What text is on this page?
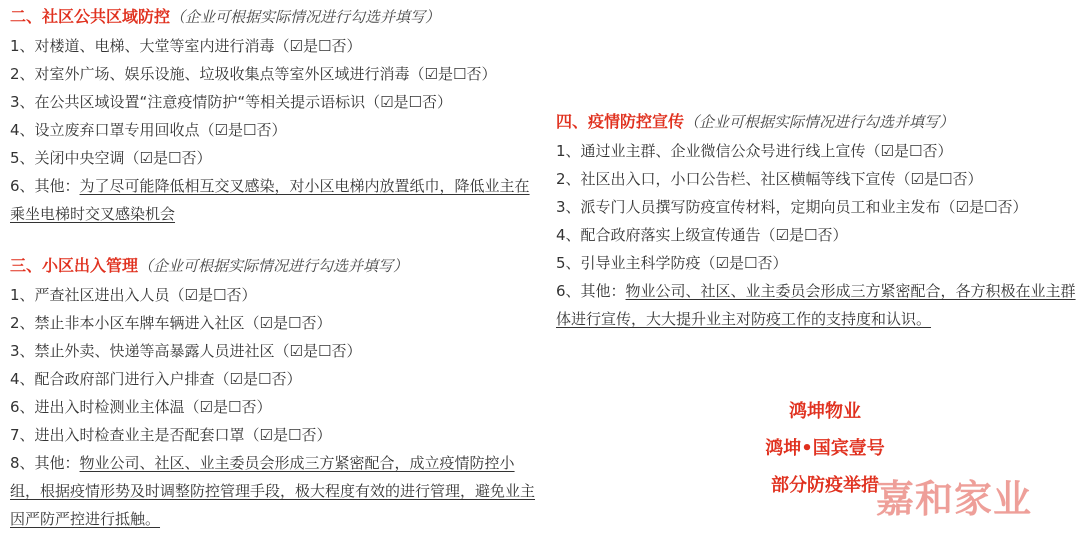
二、社区公共区域防控（企业可根据实际情况进行勾选并填写）
1、对楼道、电梯、大堂等室内进行消毒（☑是☐否）
2、对室外广场、娱乐设施、垃圾收集点等室外区域进行消毒（☑是☐否）
3、在公共区域设置“注意疫情防护“等相关提示语标识（☑是☐否）
4、设立废弃口罩专用回收点（☑是☐否）
5、关闭中央空调（☑是☐否）
6、其他：为了尽可能降低相互交叉感染，对小区电梯内放置纸巾，降低业主在乘坐电梯时交叉感染机会
三、小区出入管理（企业可根据实际情况进行勾选并填写）
1、严查社区进出入人员（☑是☐否）
2、禁止非本小区车牌车辆进入社区（☑是☐否）
3、禁止外卖、快递等高暴露人员进社区（☑是☐否）
4、配合政府部门进行入户排查（☑是☐否）
6、进出入时检测业主体温（☑是☐否）
7、进出入时检查业主是否配套口罩（☑是☐否）
8、其他：物业公司、社区、业主委员会形成三方紧密配合，成立疫情防控小组，根据疫情形势及时调整防控管理手段，极大程度有效的进行管理，避免业主因严防严控进行抵触。
四、疫情防控宣传（企业可根据实际情况进行勾选并填写）
1、通过业主群、企业微信公众号进行线上宣传（☑是☐否）
2、社区出入口，小口公告栏、社区横幅等线下宣传（☑是☐否）
3、派专门人员撰写防疫宣传材料，定期向员工和业主发布（☑是☐否）
4、配合政府落实上级宣传通告（☑是☐否）
5、引导业主科学防疫（☑是☐否）
6、其他：物业公司、社区、业主委员会形成三方紧密配合，各方积极在业主群体进行宣传，大大提升业主对防疫工作的支持度和认识。
鸿坤物业
鸿坤•国宾壹号
部分防疫举措
嘉和家业
